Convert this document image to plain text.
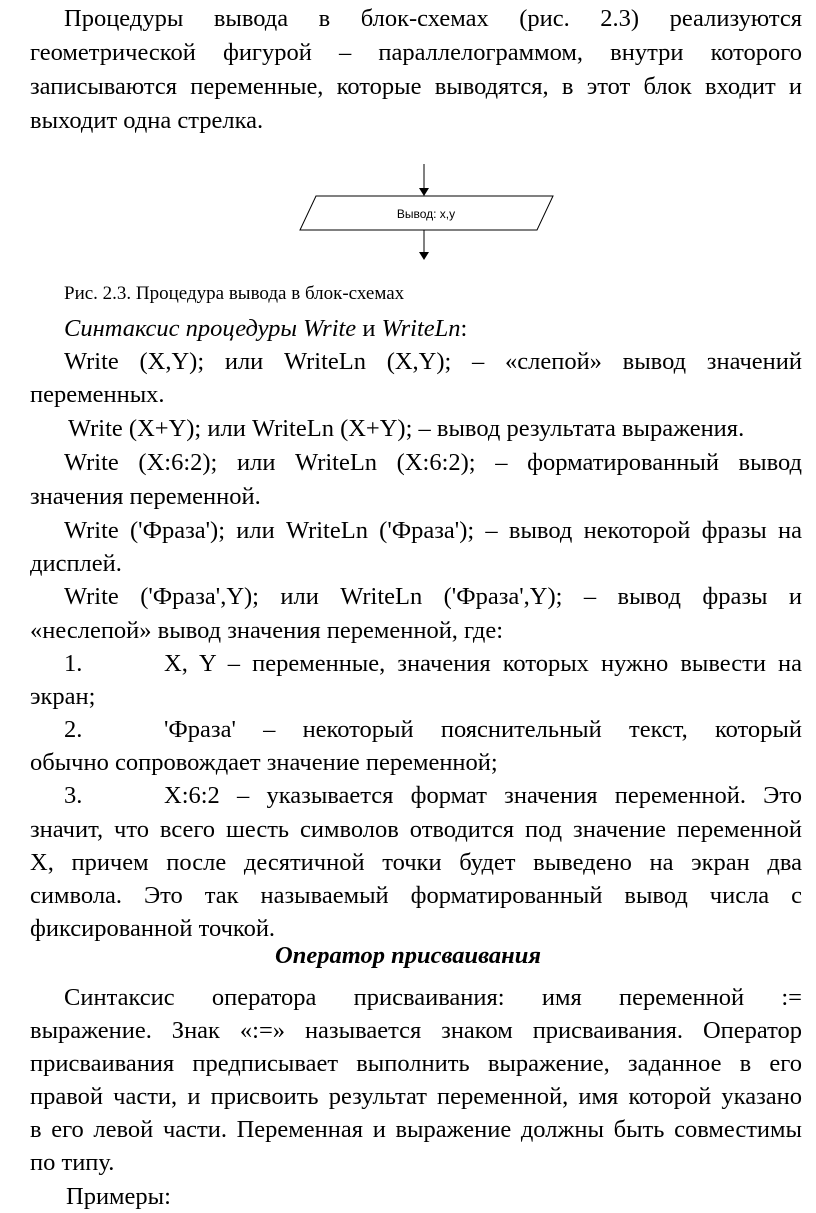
Процедуры вывода в блок-схемах (рис. 2.3) реализуются
геометрической фигурой – параллелограммом, внутри которого
записываются переменные, которые выводятся, в этот блок входит и
выходит одна стрелка.
Вывод: x,y
Рис. 2.3. Процедура вывода в блок-схемах
Синтаксис процедуры Write и WriteLn:
Write (X,Y); или WriteLn (X,Y); – «слепой» вывод значений
переменных.
Write (X+Y); или WriteLn (X+Y); – вывод результата выражения.
Write (X:6:2); или WriteLn (X:6:2); – форматированный вывод
значения переменной.
Write ('Фраза'); или WriteLn ('Фраза'); – вывод некоторой фразы на
дисплей.
Write ('Фраза',Y); или WriteLn ('Фраза',Y); – вывод фразы и
«неслепой» вывод значения переменной, где:
1.	X, Y – переменные, значения которых нужно вывести на
экран;
2.	'Фраза' – некоторый пояснительный текст, который
обычно сопровождает значение переменной;
3.	X:6:2 – указывается формат значения переменной. Это
значит, что всего шесть символов отводится под значение переменной
X, причем после десятичной точки будет выведено на экран два
символа. Это так называемый форматированный вывод числа с
фиксированной точкой.
Оператор присваивания
Синтаксис оператора присваивания: имя переменной :=
выражение. Знак «:=» называется знаком присваивания. Оператор
присваивания предписывает выполнить выражение, заданное в его
правой части, и присвоить результат переменной, имя которой указано
в его левой части. Переменная и выражение должны быть совместимы
по типу.
Примеры:
